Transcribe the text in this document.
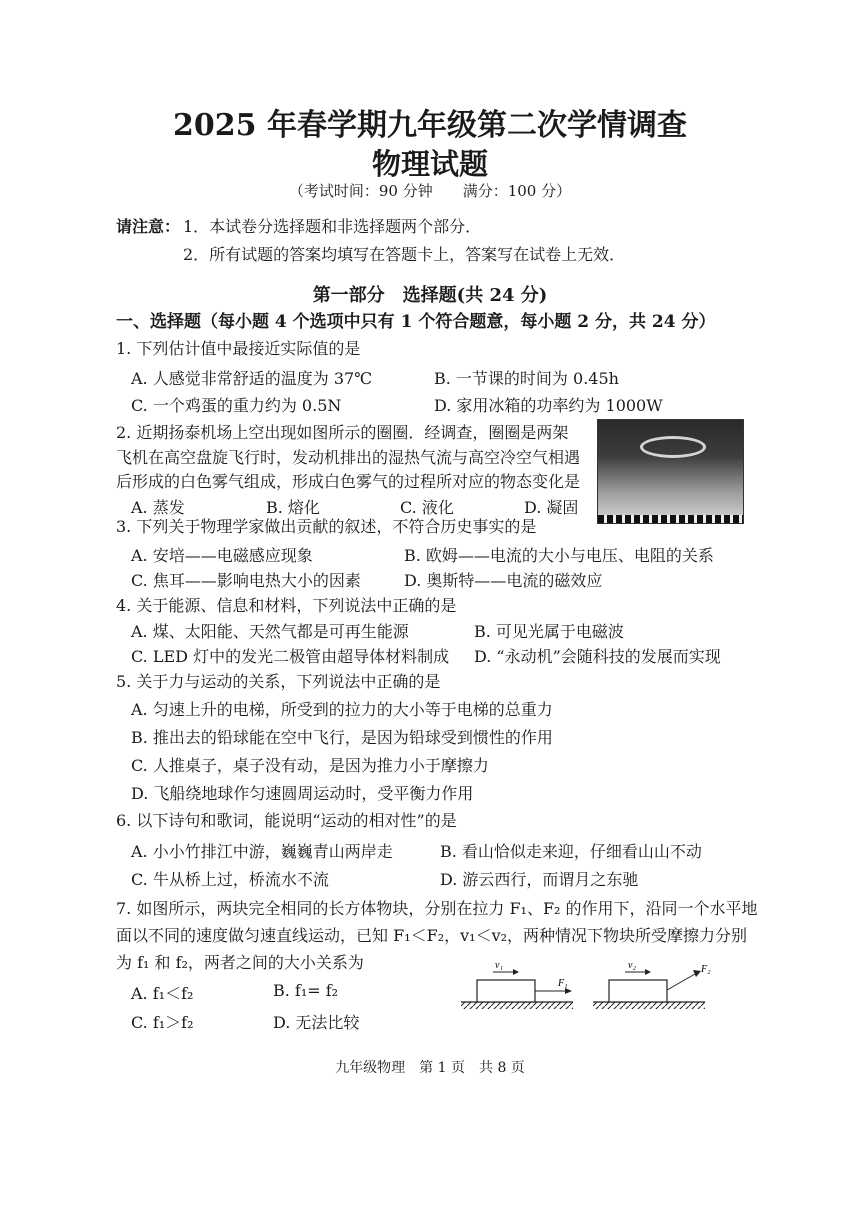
2025 年春学期九年级第二次学情调查
物理试题
（考试时间：90 分钟　　满分：100 分）
请注意： 1．本试卷分选择题和非选择题两个部分．
2．所有试题的答案均填写在答题卡上，答案写在试卷上无效．
第一部分　选择题(共 24 分)
一、选择题（每小题 4 个选项中只有 1 个符合题意，每小题 2 分，共 24 分）
1. 下列估计值中最接近实际值的是
A. 人感觉非常舒适的温度为 37℃	B. 一节课的时间为 0.45h
C. 一个鸡蛋的重力约为 0.5N	D. 家用冰箱的功率约为 1000W
2. 近期扬泰机场上空出现如图所示的圈圈．经调查，圈圈是两架
飞机在高空盘旋飞行时，发动机排出的湿热气流与高空冷空气相遇
后形成的白色雾气组成，形成白色雾气的过程所对应的物态变化是
A. 蒸发	B. 熔化	C. 液化	D. 凝固
3. 下列关于物理学家做出贡献的叙述，不符合历史事实的是
A. 安培——电磁感应现象	B. 欧姆——电流的大小与电压、电阻的关系
C. 焦耳——影响电热大小的因素	D. 奥斯特——电流的磁效应
4. 关于能源、信息和材料，下列说法中正确的是
A. 煤、太阳能、天然气都是可再生能源	B. 可见光属于电磁波
C. LED 灯中的发光二极管由超导体材料制成 D. “永动机”会随科技的发展而实现
5. 关于力与运动的关系，下列说法中正确的是
A. 匀速上升的电梯，所受到的拉力的大小等于电梯的总重力
B. 推出去的铅球能在空中飞行，是因为铅球受到惯性的作用
C. 人推桌子，桌子没有动，是因为推力小于摩擦力
D. 飞船绕地球作匀速圆周运动时，受平衡力作用
6. 以下诗句和歌词，能说明“运动的相对性”的是
A. 小小竹排江中游，巍巍青山两岸走	B. 看山恰似走来迎，仔细看山山不动
C. 牛从桥上过，桥流水不流	D. 游云西行，而谓月之东驰
7. 如图所示，两块完全相同的长方体物块，分别在拉力 F₁、F₂ 的作用下，沿同一个水平地
面以不同的速度做匀速直线运动，已知 F₁＜F₂，v₁＜v₂，两种情况下物块所受摩擦力分别
为 f₁ 和 f₂，两者之间的大小关系为
A. f₁＜f₂	B. f₁= f₂
C. f₁＞f₂	D. 无法比较
v₁
F₁
v₂	F₂
九年级物理　第 1 页　共 8 页
